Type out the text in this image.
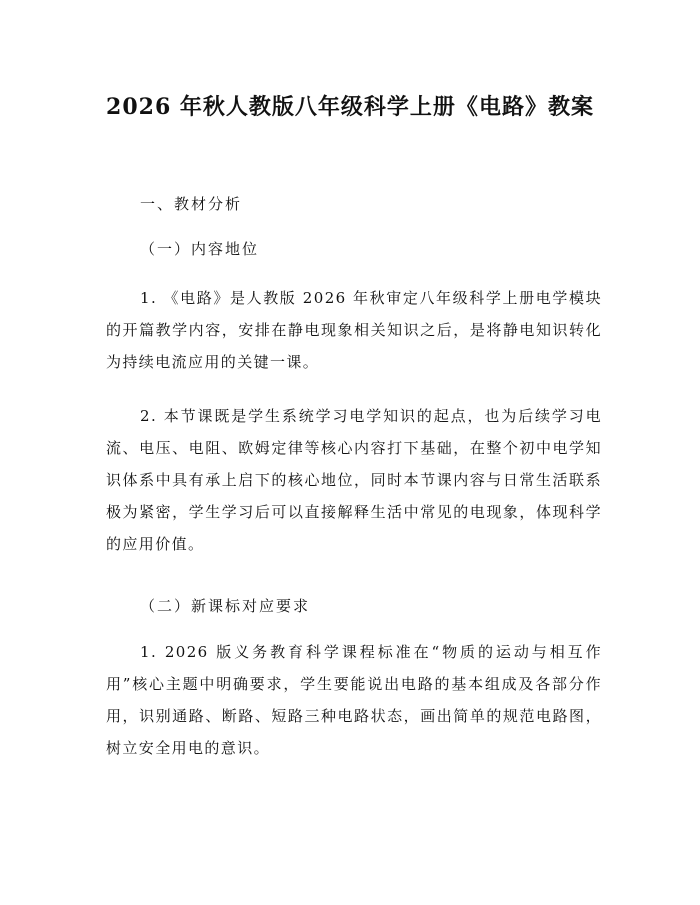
2026 年秋人教版八年级科学上册《电路》教案

一、教材分析

（一）内容地位

1. 《电路》是人教版 2026 年秋审定八年级科学上册电学模块的开篇教学内容，安排在静电现象相关知识之后，是将静电知识转化为持续电流应用的关键一课。

2. 本节课既是学生系统学习电学知识的起点，也为后续学习电流、电压、电阻、欧姆定律等核心内容打下基础，在整个初中电学知识体系中具有承上启下的核心地位，同时本节课内容与日常生活联系极为紧密，学生学习后可以直接解释生活中常见的电现象，体现科学的应用价值。

（二）新课标对应要求

1. 2026 版义务教育科学课程标准在“物质的运动与相互作用”核心主题中明确要求，学生要能说出电路的基本组成及各部分作用，识别通路、断路、短路三种电路状态，画出简单的规范电路图，树立安全用电的意识。
